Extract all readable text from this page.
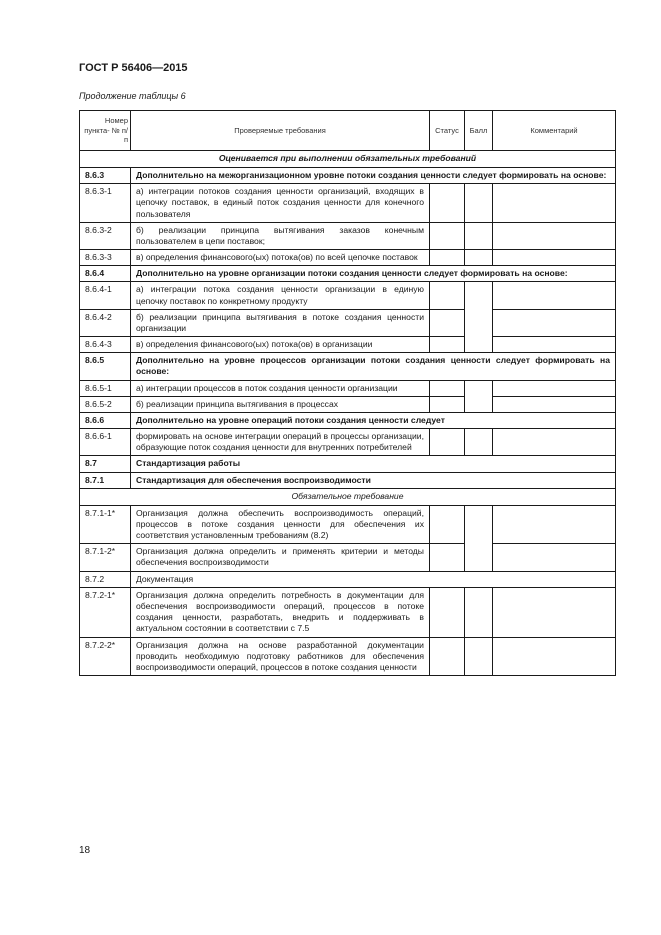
ГОСТ Р 56406—2015
Продолжение таблицы 6
Номер пункта- № п/п	Проверяемые требования	Статус	Балл	Комментарий
Оценивается при выполнении обязательных требований				
8.6.3	Дополнительно на межорганизационном уровне потоки создания ценности следует формировать на основе:			
8.6.3-1	а) интеграции потоков создания ценности организаций, входящих в цепочку поставок, в единый поток создания ценности для конечного пользователя			
8.6.3-2	б) реализации принципа вытягивания заказов конечным пользователем в цепи поставок;			
8.6.3-3	в) определения финансового(ых) потока(ов) по всей цепочке поставок			
8.6.4	Дополнительно на уровне организации потоки создания ценности следует формировать на основе:			
8.6.4-1	а) интеграции потока создания ценности организации в единую цепочку поставок по конкретному продукту			
8.6.4-2	б) реализации принципа вытягивания в потоке создания ценности организации			
8.6.4-3	в) определения финансового(ых) потока(ов) в организации			
8.6.5	Дополнительно на уровне процессов организации потоки создания ценности следует формировать на основе:			
8.6.5-1	а) интеграции процессов в поток создания ценности организации			
8.6.5-2	б) реализации принципа вытягивания в процессах			
8.6.6	Дополнительно на уровне операций потоки создания ценности следует			
8.6.6-1	формировать на основе интеграции операций в процессы организации, образующие поток создания ценности для внутренних потребителей			
8.7	Стандартизация работы			
8.7.1	Стандартизация для обеспечения воспроизводимости			
Обязательное требование				
8.7.1-1*	Организация должна обеспечить воспроизводимость операций, процессов в потоке создания ценности для обеспечения их соответствия установленным требованиям (8.2)			
8.7.1-2*	Организация должна определить и применять критерии и методы обеспечения воспроизводимости			
8.7.2	Документация			
8.7.2-1*	Организация должна определить потребность в документации для обеспечения воспроизводимости операций, процессов в потоке создания ценности, разработать, внедрить и поддерживать в актуальном состоянии в соответствии с 7.5			
8.7.2-2*	Организация должна на основе разработанной документации проводить необходимую подготовку работников для обеспечения воспроизводимости операций, процессов в потоке создания ценности			
18
